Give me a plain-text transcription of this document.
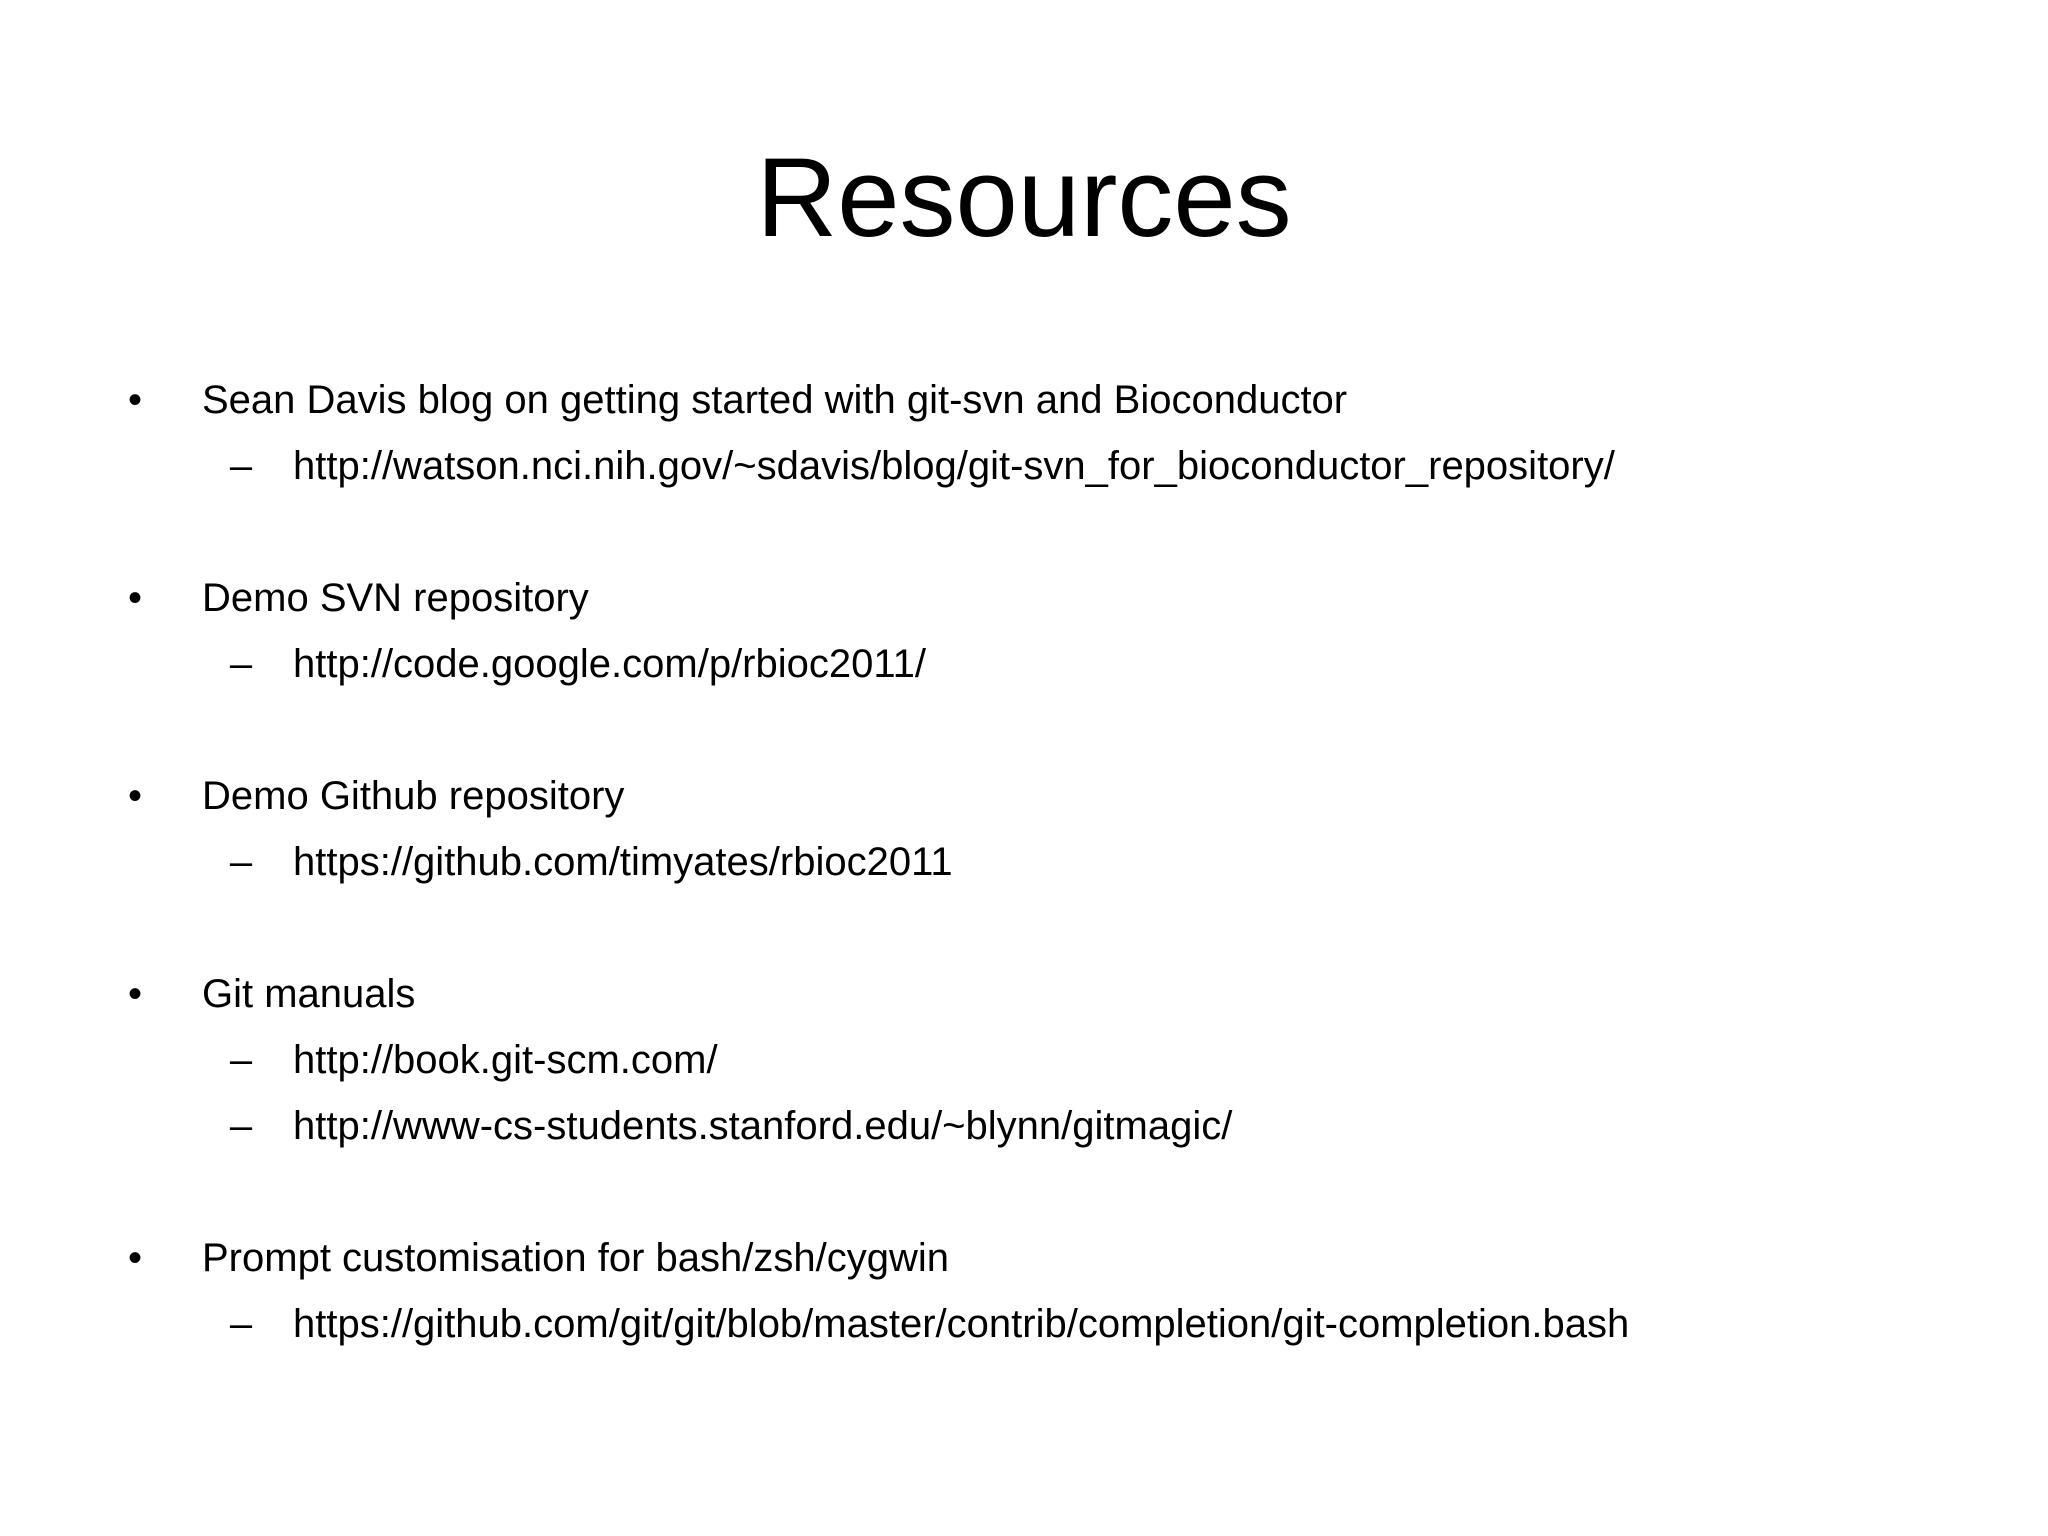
Resources
• Sean Davis blog on getting started with git-svn and Bioconductor
– http://watson.nci.nih.gov/~sdavis/blog/git-svn_for_bioconductor_repository/
• Demo SVN repository
– http://code.google.com/p/rbioc2011/
• Demo Github repository
– https://github.com/timyates/rbioc2011
• Git manuals
– http://book.git-scm.com/
– http://www-cs-students.stanford.edu/~blynn/gitmagic/
• Prompt customisation for bash/zsh/cygwin
– https://github.com/git/git/blob/master/contrib/completion/git-completion.bash
